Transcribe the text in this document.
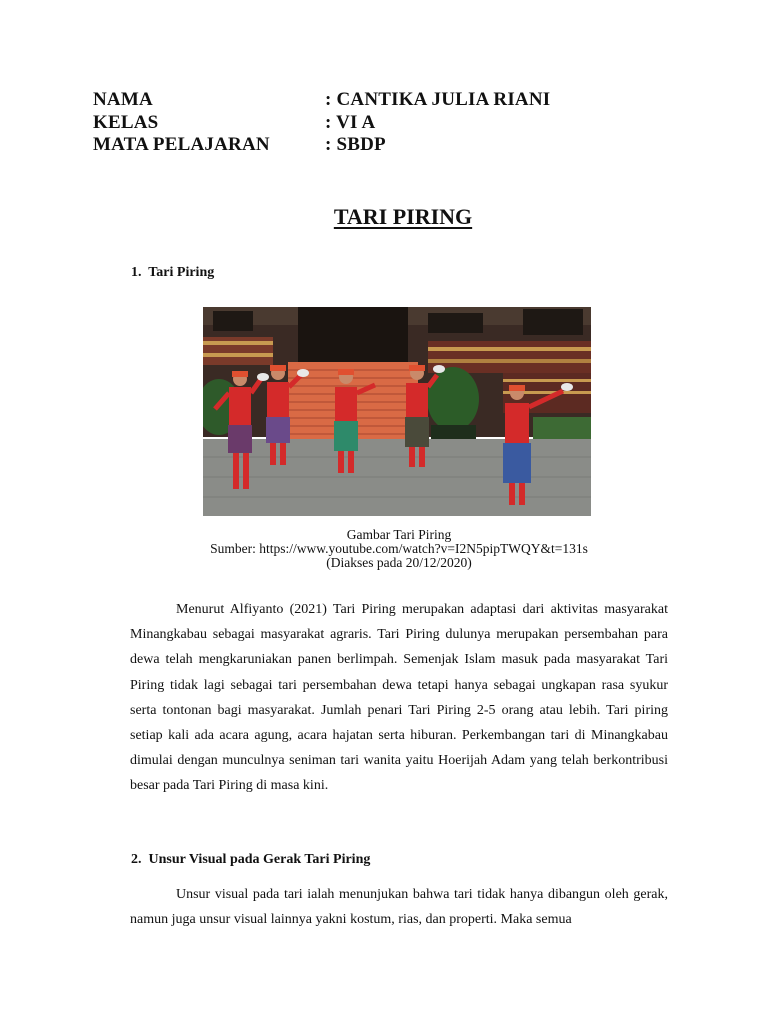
NAMA	: CANTIKA JULIA RIANI
KELAS	: VI A
MATA PELAJARAN	: SBDP
TARI PIRING
1.  Tari Piring
Gambar Tari Piring
Sumber: https://www.youtube.com/watch?v=I2N5pipTWQY&t=131s
(Diakses pada 20/12/2020)

Menurut Alfiyanto (2021) Tari Piring merupakan adaptasi dari aktivitas masyarakat Minangkabau sebagai masyarakat agraris. Tari Piring dulunya merupakan persembahan para dewa telah mengkaruniakan panen berlimpah. Semenjak Islam masuk pada masyarakat Tari Piring tidak lagi sebagai tari persembahan dewa tetapi hanya sebagai ungkapan rasa syukur serta tontonan bagi masyarakat. Jumlah penari Tari Piring 2-5 orang atau lebih. Tari piring setiap kali ada acara agung, acara hajatan serta hiburan. Perkembangan tari di Minangkabau dimulai dengan munculnya seniman tari wanita yaitu Hoerijah Adam yang telah berkontribusi besar pada Tari Piring di masa kini.

2.  Unsur Visual pada Gerak Tari Piring

Unsur visual pada tari ialah menunjukan bahwa tari tidak hanya dibangun oleh gerak, namun juga unsur visual lainnya yakni kostum, rias, dan properti. Maka semua
